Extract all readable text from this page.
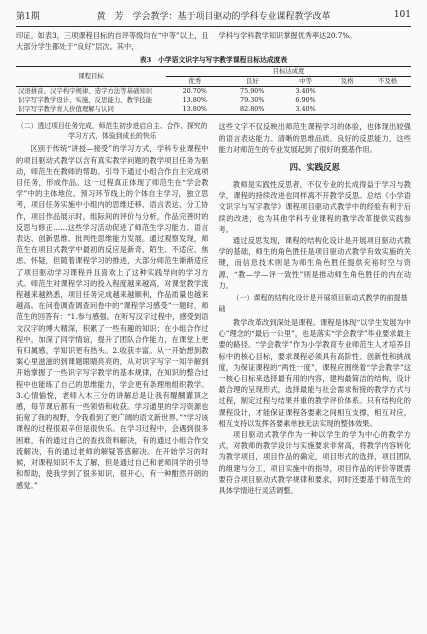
第1期	黄　芳　学会教学：基于项目驱动的学科专业课程教学改革	101

印证。如表3，三项课程目标的自评等级均在“中等”以上，且大部分学生都处于“良好”层次。其中，

学科与学科教学知识掌握优秀率达20.7%。

表3　小学语文识字与写字教学课程目标达成度表
课程目标	目标达成度				
	优秀	良好	中等	及格	不及格
汉语拼音、汉字构字规律、造字方法等基础知识	20.70%	75.90%	3.40%		
识字写字教学设计、实施、反思能力、教学技能	13.80%	79.30%	6.90%		
识字写字教学育人价值理解与认同	13.80%	82.80%	3.40%		

（二）透过项目任务完成，师范生初步进启自主、合作、探究的学习方式，体验到成长的快乐

区别于传统“讲授—接受”的学习方式，学科专业课程中的项目驱动式教学以含有真实教学问题的教学项目任务为驱动，师范生在教师的帮助、引导下通过小组合作自主完成项目任务，形成作品。这一过程真正体现了师范生在“学会教学”中的主体地位。预习环节线上的个体自主学习，独立思考，项目任务实施中小组内的思维迁移、语言表达、分工协作，项目作品展示时，组际间的评价与分析，作品完善时的反思与修正……这些学习活动促进了师范生学习能力、语言表达、创新思维、批判性思维能力发展。通过观察发现，师范生在项目式教学中最初的反应是新奇、陌生、不适应、焦虑、怀疑，但随着课程学习的推进，大部分师范生渐渐适应了项目驱动学习课程并且喜欢上了这种实践导向的学习方式。师范生对课程学习的投入程度越来越高，对课堂教学流程越来越熟悉，项目任务完成越来越顺利，作品质量也越来越高。在问卷调查调查问卷中的“课程学习感受”一题时，师范生的回答有：“1.参与感强。在听写汉字过程中，感受到语文汉字的博大精深，积累了一些有趣的知识；在小组合作过程中，加深了同学情谊，提升了团队合作能力，在课堂上更有归属感，学知识更有热头。2.收获丰富。从一开始想到教案心里滋滋的到课题眼睛亮亮的，从对识字写字一知半解到开始掌握了一些识字写字教学的基本规律，在知识的整合过程中也能练了自己的思维能力，学会更有条理地组织教学。3.心情愉悦，老师入木三分的讲解总是让我有醍醐灌顶之感，每节课后都有一些领悟和收获。学习通里的学习资源也拓宽了我的视野，令我看到了更广阔的语文新世界。”“学习该课程的过程很艰辛但是很快乐。在学习过程中，会遇到很多困难，有的通过自己的查找资料解决，有的通过小组合作交流解决，有的通过老师的解疑答惑解决。在开始学习的时候，对课程知识不太了解，但是通过自己和老师同学的引导和帮助，使我学到了很多知识，很开心，有一种酣然开朗的感觉。”

这些文字不仅反映出师范生课程学习的体验，也体现出较强的语言表达能力、清晰的思维品质、良好的反思能力，这些能力对师范生的专业发展起到了很好的奠基作用。

四、实践反思

教师是实践性反思者，不仅专业的长成得益于学习与教学，课程的持续改进也同样离不开教学反思。总结《小学语文识字与写字教学》课程项目驱动式教学中的经验有利于后续的改进，也为其他学科专业课程的教学改革提供实践参考。

通过反思发现，课程的结构化设计是开展项目驱动式教学的基础，师生的角色胜任是项目驱动式教学有效实施的关键，而信息技术则是为师生角色胜任提供充裕时空与资源，“教—学—评一致性”则是推动师生角色胜任的内在动力。

（一）课程的结构化设计是开展项目驱动式教学的前提基础

教学改革改到深处是课程。课程是体现“以学生发展为中心”理念的“最后一公里”，也是落实“学会教学”毕业要求最主要的路径。“学会教学”作为小学教育专业师范生人才培养目标中的核心目标，要求课程必须具有高阶性、创新性和挑战度，为保证课程的“两性一度”，课程应围绕着“学会教学”这一核心目标来选择最有用的内容，建构最简洁的结构，设计最合理的呈现形式，选择最能与社会需求衔接的教学方式与过程，制定过程与结果并重的教学评价体系。只有结构化的课程设计，才能保证课程各要素之间相互支撑，相互对应，相互支持以发挥各要素单独无法实现的整体效果。

项目驱动式教学作为一种以学生的学为中心的教学方式，对教师的教学设计与实施要求非常高，将教学内容转化为教学项目，项目作品的确定，项目形式的选择，项目团队的组建与分工，项目实施中的指导，项目作品的评价等既需要符合项目驱动式教学规律和要求，同时还要基于师范生的具体学情进行灵活调整。
